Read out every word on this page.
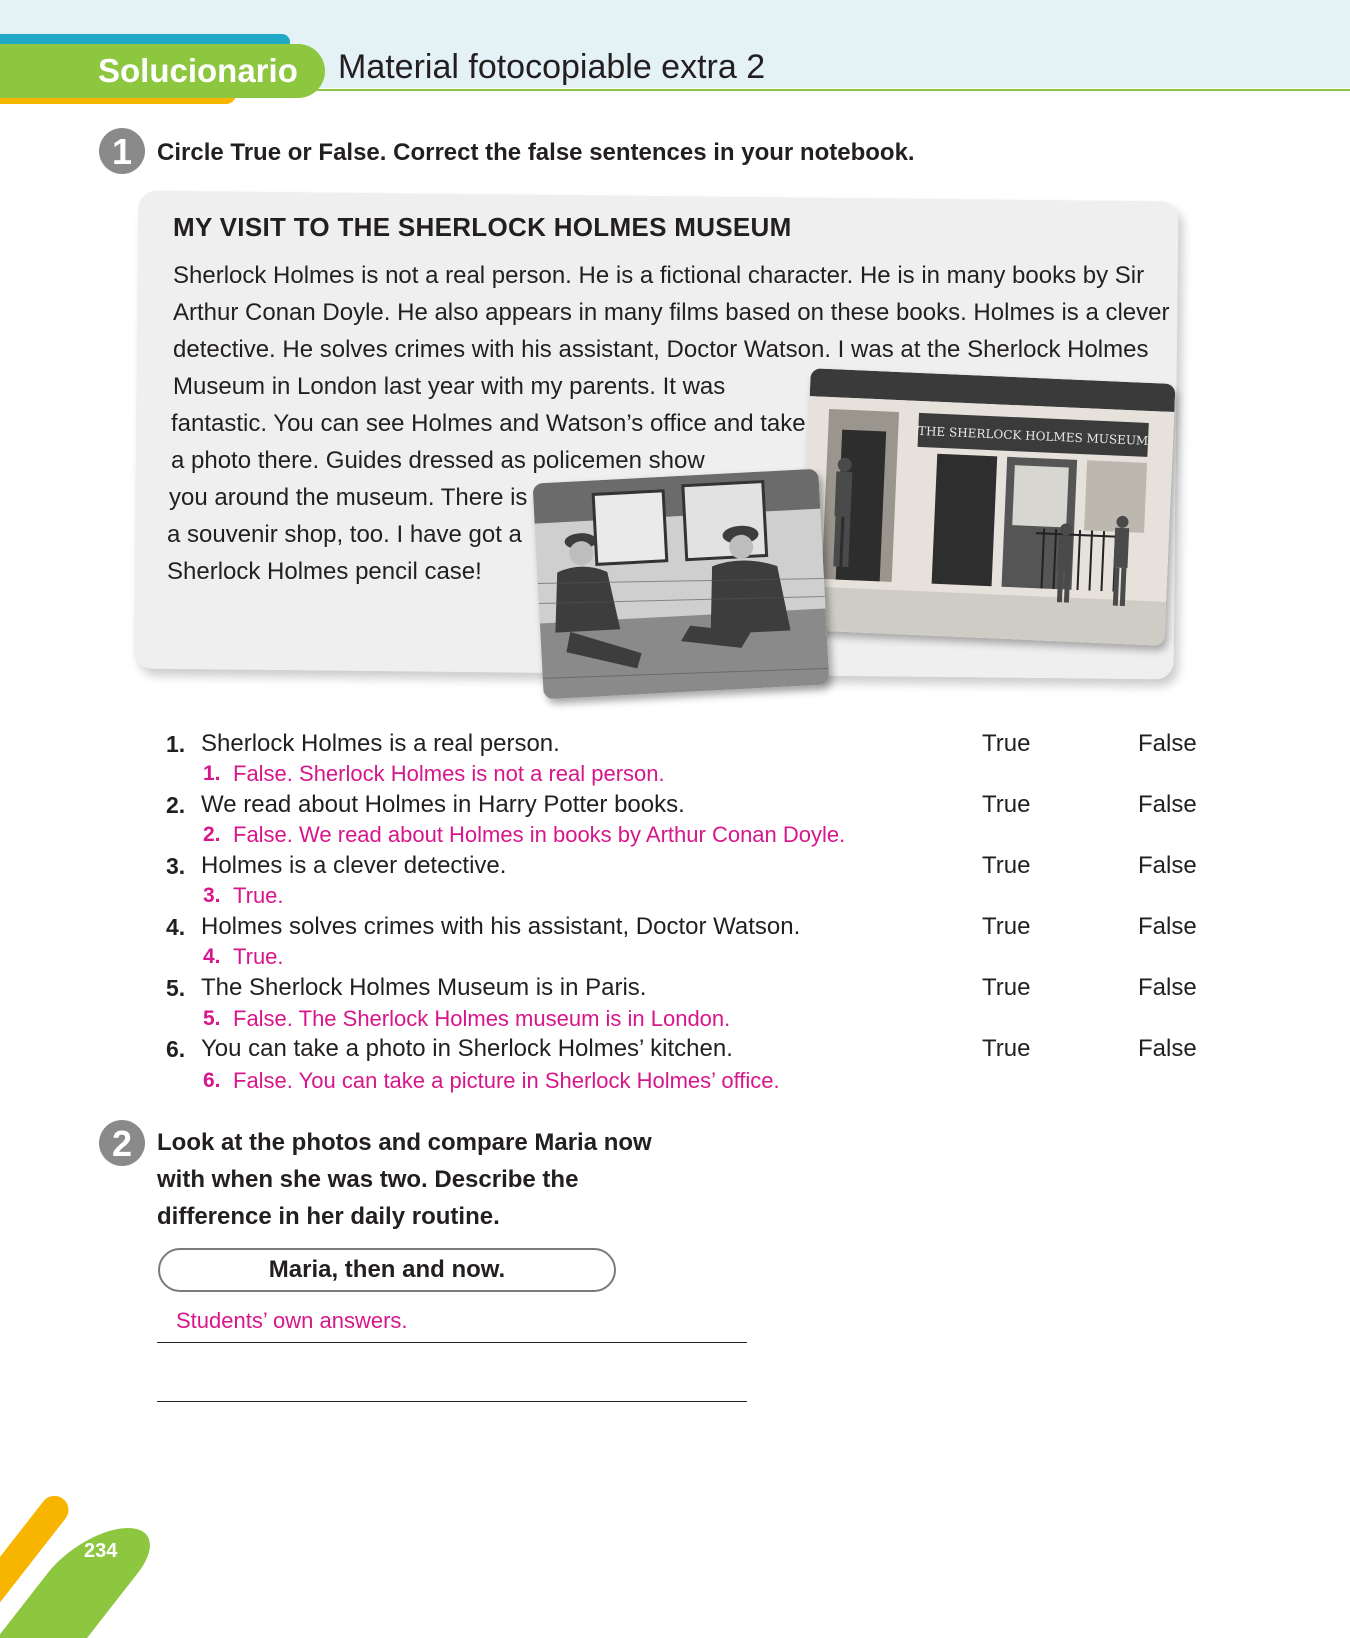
Solucionario	Material fotocopiable extra 2
1	Circle True or False. Correct the false sentences in your notebook.
MY VISIT TO THE SHERLOCK HOLMES MUSEUM
Sherlock Holmes is not a real person. He is a fictional character. He is in many books by Sir
Arthur Conan Doyle. He also appears in many films based on these books. Holmes is a clever
detective. He solves crimes with his assistant, Doctor Watson. I was at the Sherlock Holmes
Museum in London last year with my parents. It was
fantastic. You can see Holmes and Watson’s office and take
a photo there. Guides dressed as policemen show
you around the museum. There is
a souvenir shop, too. I have got a
Sherlock Holmes pencil case!
THE SHERLOCK HOLMES MUSEUM
1. Sherlock Holmes is a real person.	True	False
1. False. Sherlock Holmes is not a real person.
2. We read about Holmes in Harry Potter books.	True	False
2. False. We read about Holmes in books by Arthur Conan Doyle.
3. Holmes is a clever detective.	True	False
3. True.
4. Holmes solves crimes with his assistant, Doctor Watson.	True	False
4. True.
5. The Sherlock Holmes Museum is in Paris.	True	False
5. False. The Sherlock Holmes museum is in London.
6. You can take a photo in Sherlock Holmes’ kitchen.	True	False
6. False. You can take a picture in Sherlock Holmes’ office.
2	Look at the photos and compare Maria now
with when she was two. Describe the
difference in her daily routine.
Maria, then and now.
Students’ own answers.
234
